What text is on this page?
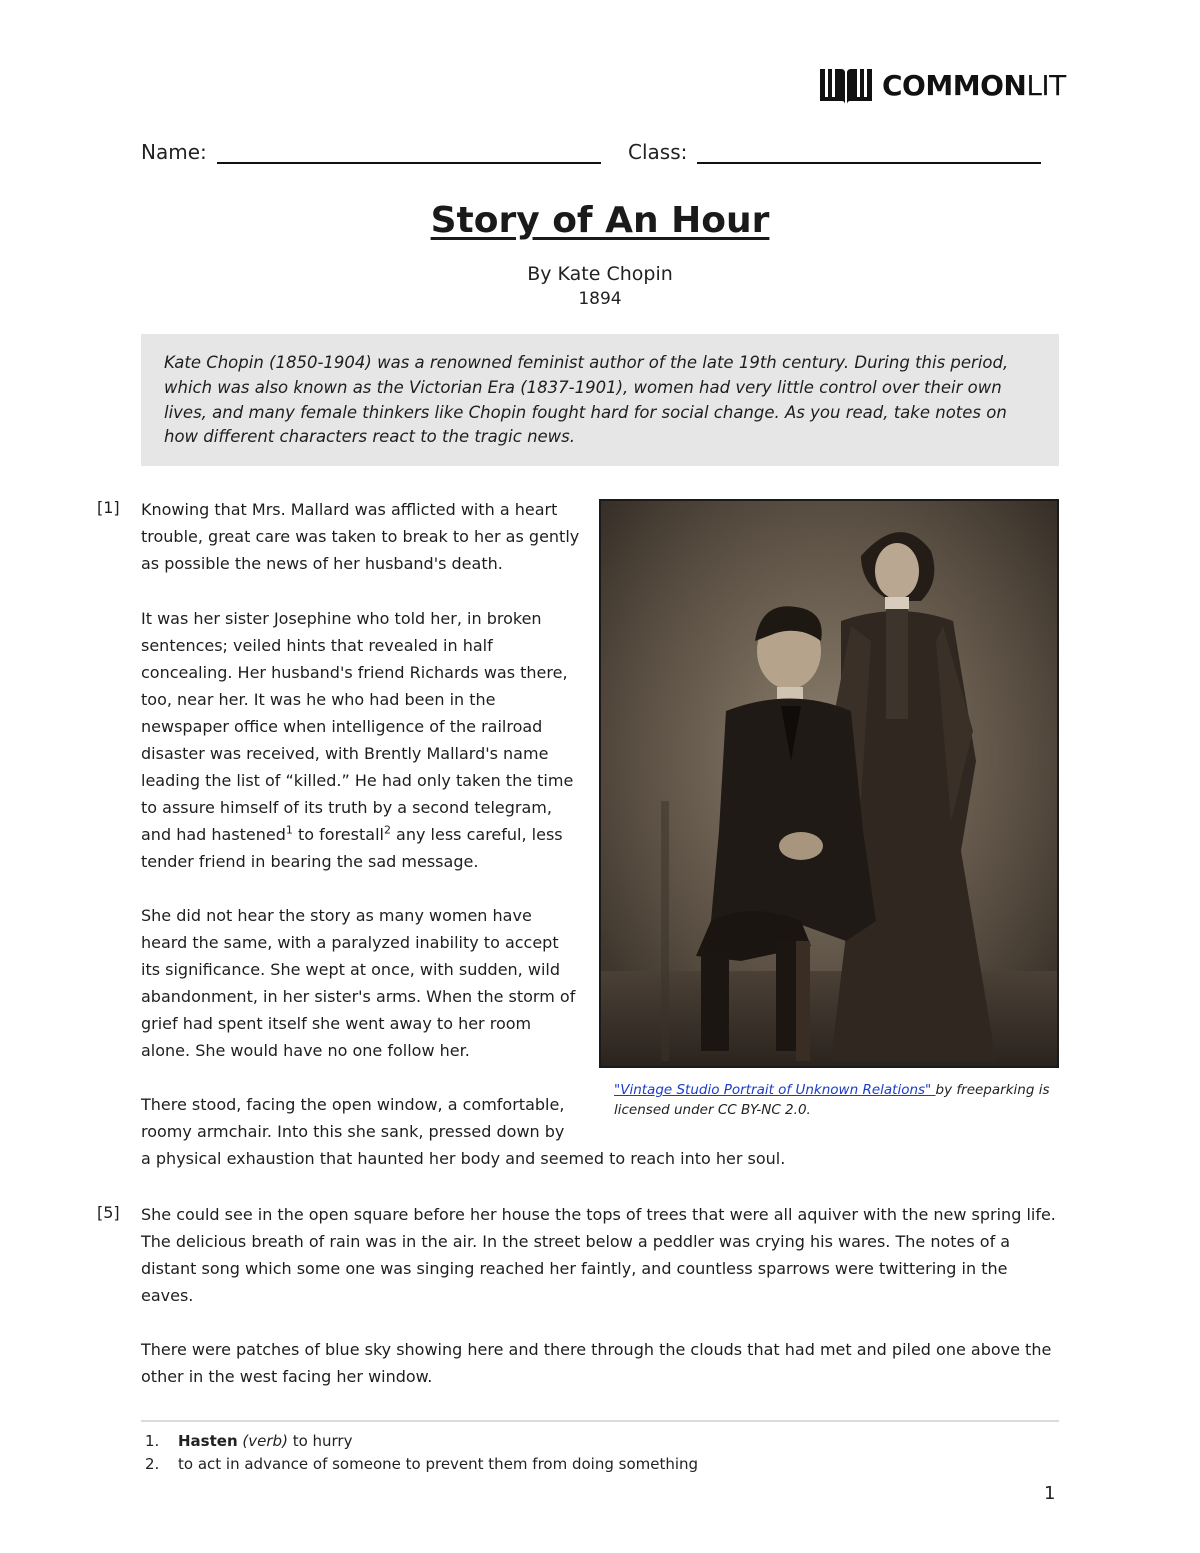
COMMONLIT
Name:	Class:
Story of An Hour
By Kate Chopin
1894

Kate Chopin (1850-1904) was a renowned feminist author of the late 19th century. During this period, which was also known as the Victorian Era (1837-1901), women had very little control over their own lives, and many female thinkers like Chopin fought hard for social change. As you read, take notes on how different characters react to the tragic news.

[1]
[5]

Knowing that Mrs. Mallard was afflicted with a heart trouble, great care was taken to break to her as gently as possible the news of her husband's death.

It was her sister Josephine who told her, in broken sentences; veiled hints that revealed in half concealing. Her husband's friend Richards was there, too, near her. It was he who had been in the newspaper office when intelligence of the railroad disaster was received, with Brently Mallard's name leading the list of “killed.” He had only taken the time to assure himself of its truth by a second telegram, and had hastened$^1$ to forestall$^2$ any less careful, less tender friend in bearing the sad message.

She did not hear the story as many women have heard the same, with a paralyzed inability to accept its significance. She wept at once, with sudden, wild abandonment, in her sister's arms. When the storm of grief had spent itself she went away to her room alone. She would have no one follow her.

There stood, facing the open window, a comfortable, roomy armchair. Into this she sank, pressed down by

a physical exhaustion that haunted her body and seemed to reach into her soul.

"Vintage Studio Portrait of Unknown Relations" by freeparking is licensed under CC BY-NC 2.0.

She could see in the open square before her house the tops of trees that were all aquiver with the new spring life. The delicious breath of rain was in the air. In the street below a peddler was crying his wares. The notes of a distant song which some one was singing reached her faintly, and countless sparrows were twittering in the eaves.

There were patches of blue sky showing here and there through the clouds that had met and piled one above the other in the west facing her window.

1. Hasten (verb) to hurry
2. to act in advance of someone to prevent them from doing something
1
